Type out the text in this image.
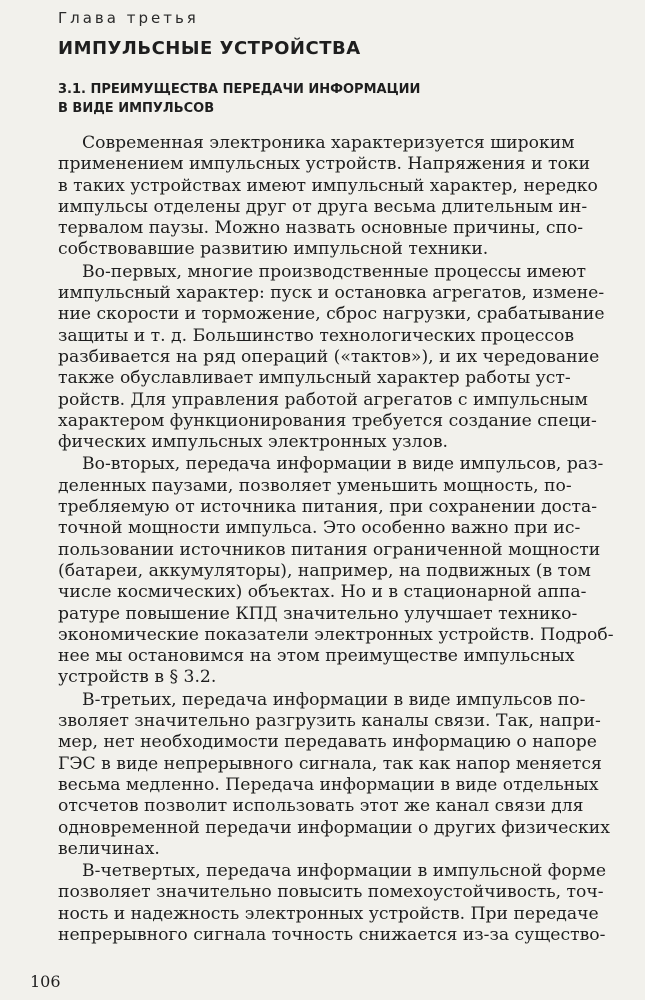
Глава третья
ИМПУЛЬСНЫЕ УСТРОЙСТВА
3.1. ПРЕИМУЩЕСТВА ПЕРЕДАЧИ ИНФОРМАЦИИ
В ВИДЕ ИМПУЛЬСОВ
Современная электроника характеризуется широким
применением импульсных устройств. Напряжения и токи
в таких устройствах имеют импульсный характер, нередко
импульсы отделены друг от друга весьма длительным ин-
тервалом паузы. Можно назвать основные причины, спо-
собствовавшие развитию импульсной техники.
Во-первых, многие производственные процессы имеют
импульсный характер: пуск и остановка агрегатов, измене-
ние скорости и торможение, сброс нагрузки, срабатывание
защиты и т. д. Большинство технологических процессов
разбивается на ряд операций («тактов»), и их чередование
также обуславливает импульсный характер работы уст-
ройств. Для управления работой агрегатов с импульсным
характером функционирования требуется создание специ-
фических импульсных электронных узлов.
Во-вторых, передача информации в виде импульсов, раз-
деленных паузами, позволяет уменьшить мощность, по-
требляемую от источника питания, при сохранении доста-
точной мощности импульса. Это особенно важно при ис-
пользовании источников питания ограниченной мощности
(батареи, аккумуляторы), например, на подвижных (в том
числе космических) объектах. Но и в стационарной аппа-
ратуре повышение КПД значительно улучшает технико-
экономические показатели электронных устройств. Подроб-
нее мы остановимся на этом преимуществе импульсных
устройств в § 3.2.
В-третьих, передача информации в виде импульсов по-
зволяет значительно разгрузить каналы связи. Так, напри-
мер, нет необходимости передавать информацию о напоре
ГЭС в виде непрерывного сигнала, так как напор меняется
весьма медленно. Передача информации в виде отдельных
отсчетов позволит использовать этот же канал связи для
одновременной передачи информации о других физических
величинах.
В-четвертых, передача информации в импульсной форме
позволяет значительно повысить помехоустойчивость, точ-
ность и надежность электронных устройств. При передаче
непрерывного сигнала точность снижается из-за существо-
106
